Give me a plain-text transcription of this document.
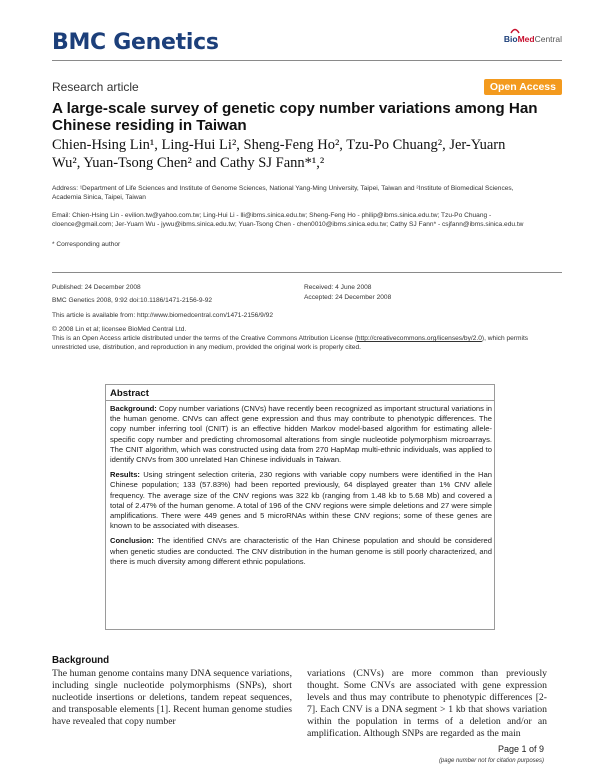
BMC Genetics	BioMedCentral
Research article	Open Access
A large-scale survey of genetic copy number variations among Han Chinese residing in Taiwan
Chien-Hsing Lin¹, Ling-Hui Li², Sheng-Feng Ho², Tzu-Po Chuang², Jer-Yuarn Wu², Yuan-Tsong Chen² and Cathy SJ Fann*¹,²
Address: ¹Department of Life Sciences and Institute of Genome Sciences, National Yang-Ming University, Taipei, Taiwan and ²Institute of Biomedical Sciences, Academia Sinica, Taipei, Taiwan
Email: Chien-Hsing Lin - evilion.tw@yahoo.com.tw; Ling-Hui Li - lli@ibms.sinica.edu.tw; Sheng-Feng Ho - philip@ibms.sinica.edu.tw; Tzu-Po Chuang - cloence@gmail.com; Jer-Yuarn Wu - jywu@ibms.sinica.edu.tw; Yuan-Tsong Chen - chen0010@ibms.sinica.edu.tw; Cathy SJ Fann* - csjfann@ibms.sinica.edu.tw
* Corresponding author
Published: 24 December 2008
BMC Genetics 2008, 9:92 doi:10.1186/1471-2156-9-92
Received: 4 June 2008
Accepted: 24 December 2008
This article is available from: http://www.biomedcentral.com/1471-2156/9/92
© 2008 Lin et al; licensee BioMed Central Ltd.
This is an Open Access article distributed under the terms of the Creative Commons Attribution License (http://creativecommons.org/licenses/by/2.0), which permits unrestricted use, distribution, and reproduction in any medium, provided the original work is properly cited.
Abstract

Background: Copy number variations (CNVs) have recently been recognized as important structural variations in the human genome. CNVs can affect gene expression and thus may contribute to phenotypic differences. The copy number inferring tool (CNIT) is an effective hidden Markov model-based algorithm for estimating allele-specific copy number and predicting chromosomal alterations from single nucleotide polymorphism microarrays. The CNIT algorithm, which was constructed using data from 270 HapMap multi-ethnic individuals, was applied to identify CNVs from 300 unrelated Han Chinese individuals in Taiwan.

Results: Using stringent selection criteria, 230 regions with variable copy numbers were identified in the Han Chinese population; 133 (57.83%) had been reported previously, 64 displayed greater than 1% CNV allele frequency. The average size of the CNV regions was 322 kb (ranging from 1.48 kb to 5.68 Mb) and covered a total of 2.47% of the human genome. A total of 196 of the CNV regions were simple deletions and 27 were simple amplifications. There were 449 genes and 5 microRNAs within these CNV regions; some of these genes are known to be associated with diseases.

Conclusion: The identified CNVs are characteristic of the Han Chinese population and should be considered when genetic studies are conducted. The CNV distribution in the human genome is still poorly characterized, and there is much diversity among different ethnic populations.

Background
The human genome contains many DNA sequence variations, including single nucleotide polymorphisms (SNPs), short nucleotide insertions or deletions, tandem repeat sequences, and transposable elements [1]. Recent human genome studies have revealed that copy number
variations (CNVs) are more common than previously thought. Some CNVs are associated with gene expression levels and thus may contribute to phenotypic differences [2-7]. Each CNV is a DNA segment > 1 kb that shows variation within the population in terms of a deletion and/or an amplification. Although SNPs are regarded as the main
Page 1 of 9
(page number not for citation purposes)
